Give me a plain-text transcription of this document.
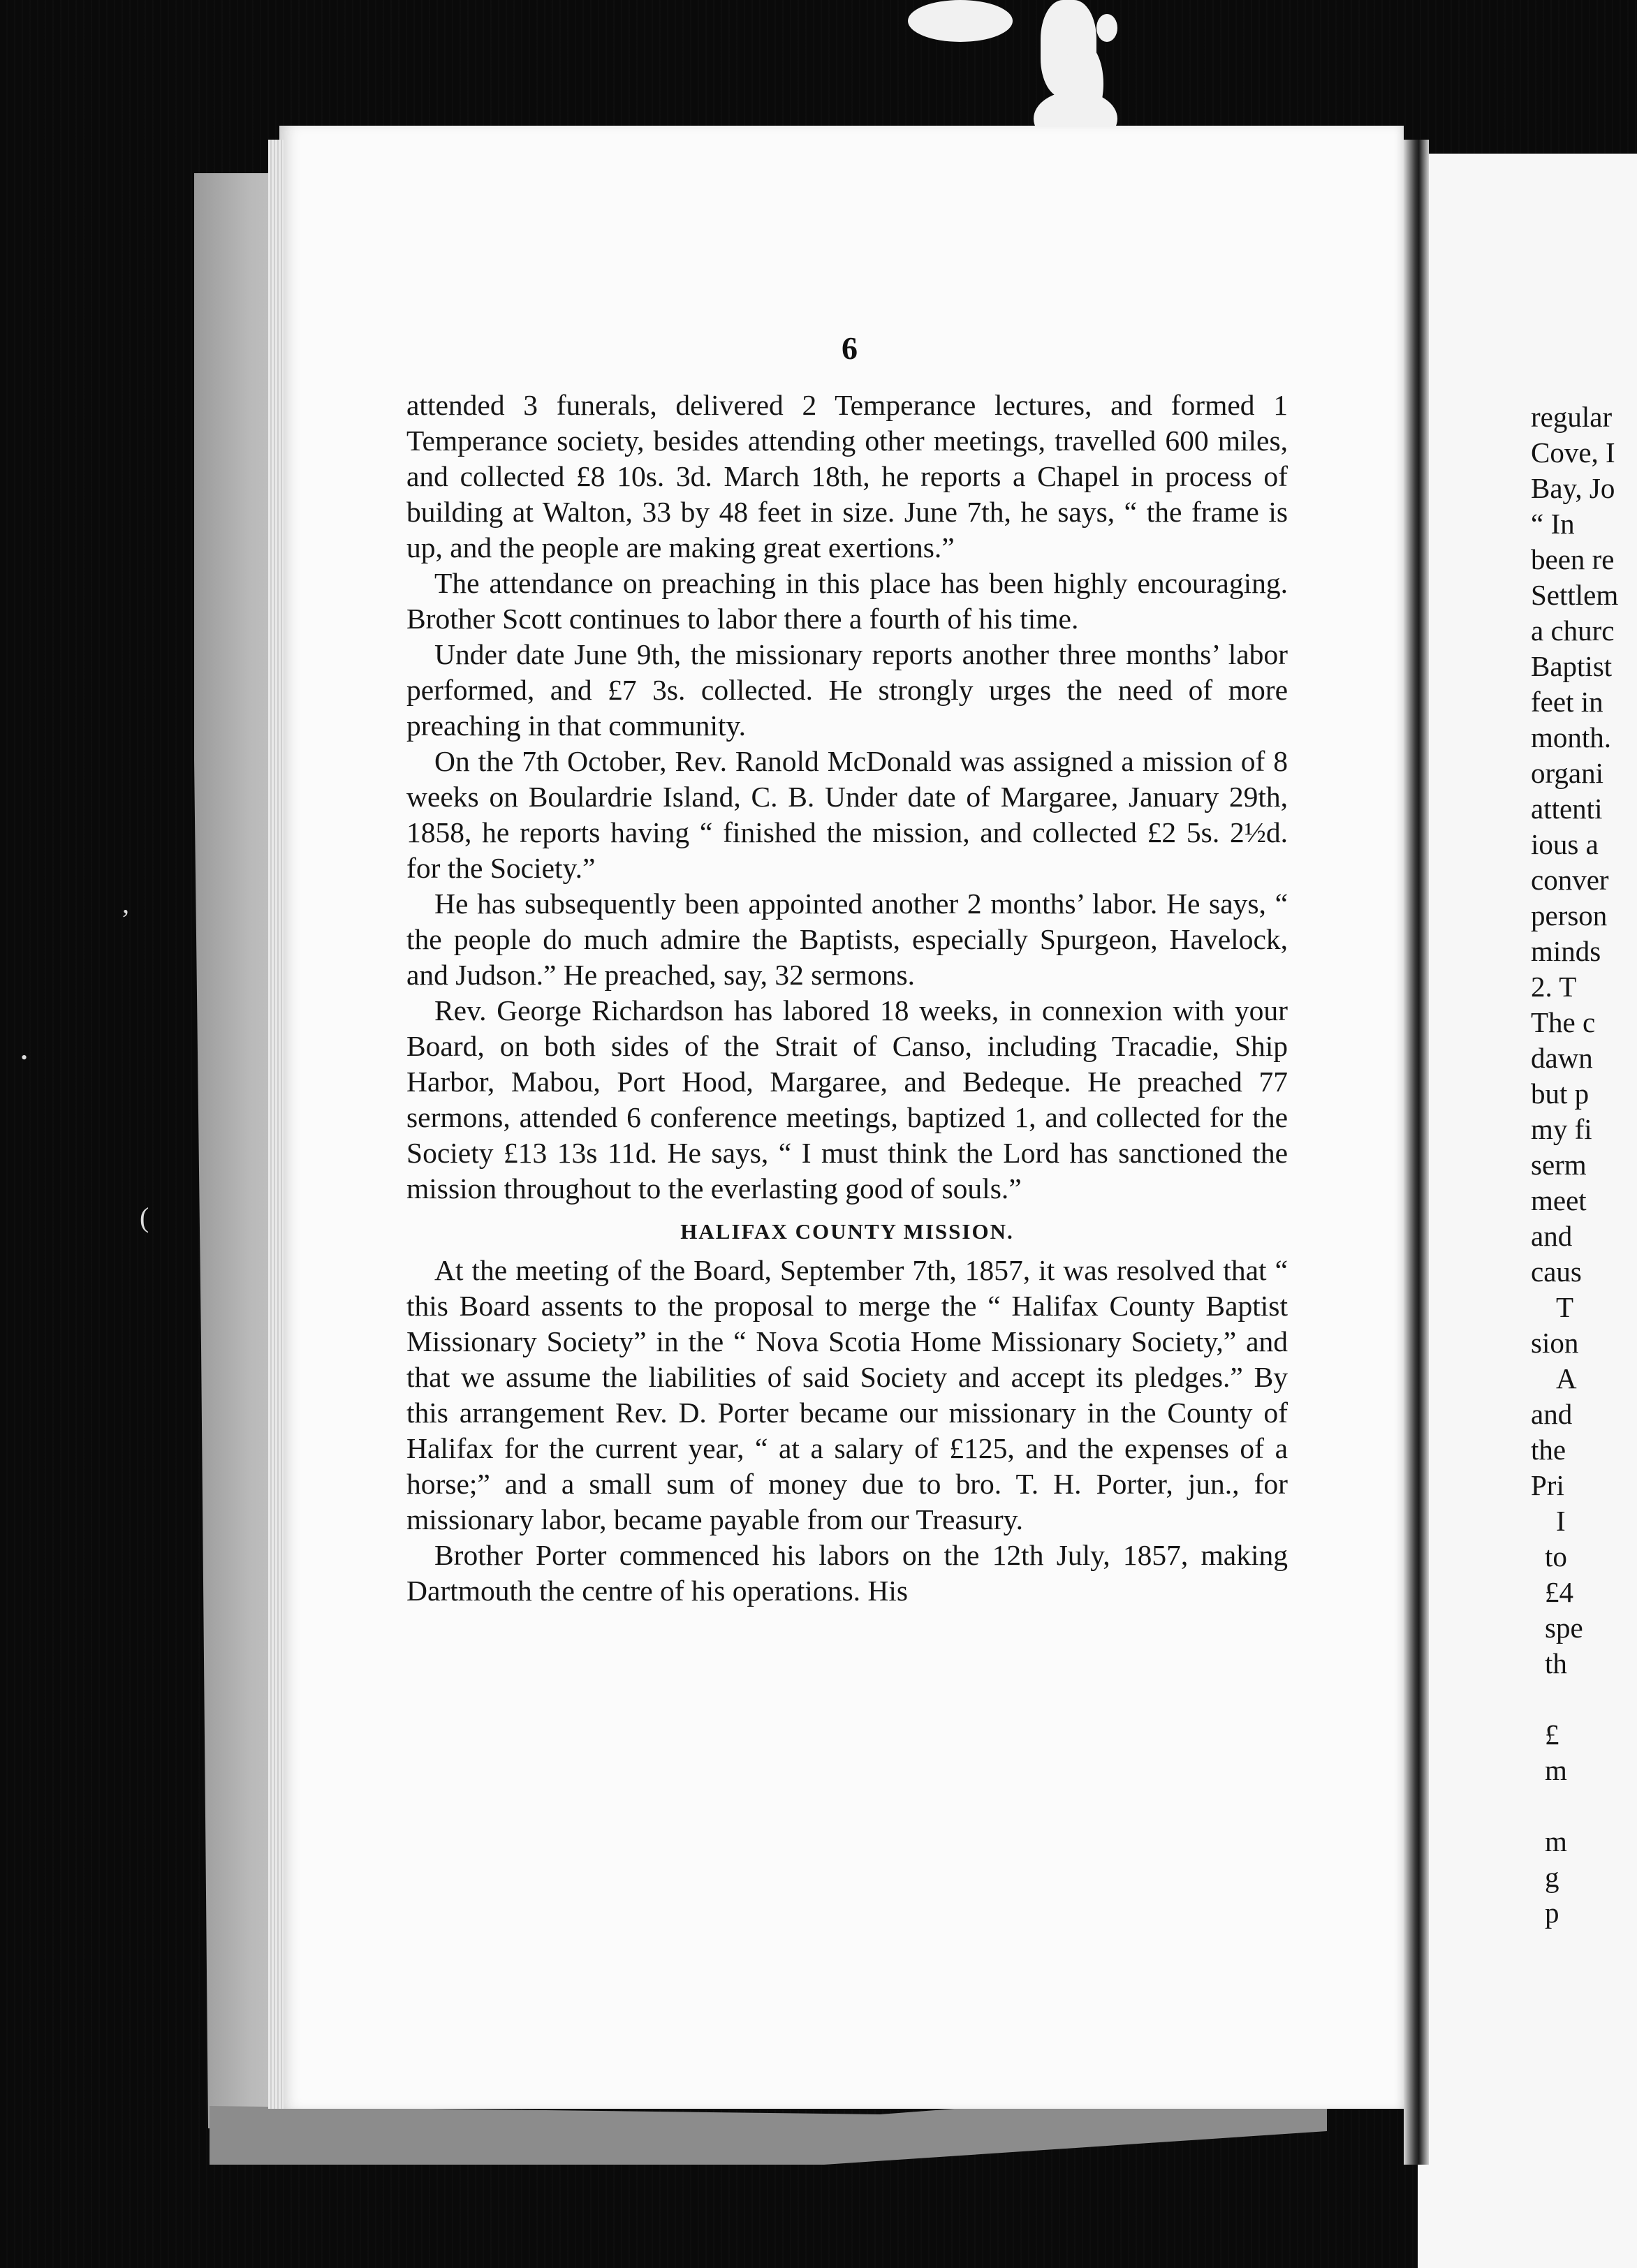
,
•
(
6

attended 3 funerals, delivered 2 Temperance lectures, and formed 1 Temperance society, besides attending other meetings, travelled 600 miles, and collected £8 10s. 3d. March 18th, he reports a Chapel in process of building at Walton, 33 by 48 feet in size. June 7th, he says, “ the frame is up, and the people are making great exertions.”

The attendance on preaching in this place has been highly encouraging. Brother Scott continues to labor there a fourth of his time.

Under date June 9th, the missionary reports another three months’ labor performed, and £7 3s. collected. He strongly urges the need of more preaching in that community.

On the 7th October, Rev. Ranold McDonald was assigned a mission of 8 weeks on Boulardrie Island, C. B. Under date of Margaree, January 29th, 1858, he reports having “ finished the mission, and collected £2 5s. 2½d. for the Society.”

He has subsequently been appointed another 2 months’ labor. He says, “ the people do much admire the Baptists, especially Spurgeon, Havelock, and Judson.” He preached, say, 32 sermons.

Rev. George Richardson has labored 18 weeks, in connexion with your Board, on both sides of the Strait of Canso, including Tracadie, Ship Harbor, Mabou, Port Hood, Margaree, and Bedeque. He preached 77 sermons, attended 6 conference meetings, baptized 1, and collected for the Society £13 13s 11d. He says, “ I must think the Lord has sanctioned the mission throughout to the everlasting good of souls.”

HALIFAX COUNTY MISSION.

At the meeting of the Board, September 7th, 1857, it was resolved that “ this Board assents to the proposal to merge the “ Halifax County Baptist Missionary Society” in the “ Nova Scotia Home Missionary Society,” and that we assume the liabilities of said Society and accept its pledges.” By this arrangement Rev. D. Porter became our missionary in the County of Halifax for the current year, “ at a salary of £125, and the expenses of a horse;” and a small sum of money due to bro. T. H. Porter, jun., for missionary labor, became payable from our Treasury.

Brother Porter commenced his labors on the 12th July, 1857, making Dartmouth the centre of his operations. His

regular
Cove, I
Bay, Jo
“ In
been re
Settlem
a churc
Baptist
feet in
month.
organi
attenti
ious a
conver
person
minds
2. T
The c
dawn
but p
my fi
serm
meet
and
caus
T
sion
A
and
the
Pri
I
to
£4
spe
th
£
m
m
g
p
